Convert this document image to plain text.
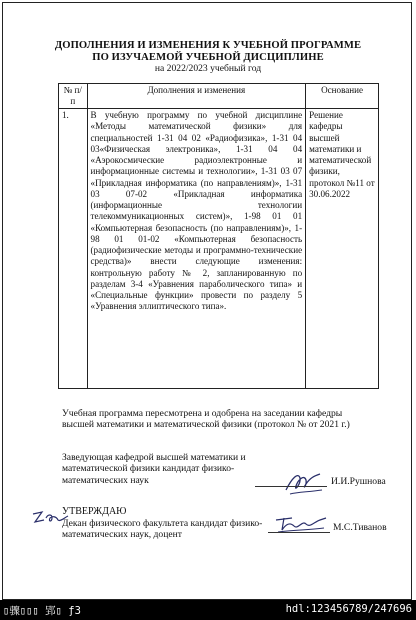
ДОПОЛНЕНИЯ И ИЗМЕНЕНИЯ К УЧЕБНОЙ ПРОГРАММЕ
ПО ИЗУЧАЕМОЙ УЧЕБНОЙ ДИСЦИПЛИНЕ
на 2022/2023 учебный год
№ п/п	Дополнения и изменения	Основание
1.	В учебную программу по учебной дисциплине «Методы математической физики» для специальностей 1-31 04 02 «Радиофизика», 1-31 04 03«Физическая электроника», 1-31 04 04 «Аэрокосмические радиоэлектронные и информационные системы и технологии», 1-31 03 07 «Прикладная информатика (по направлениям)», 1-31 03 07-02 «Прикладная информатика (информационные технологии телекоммуникационных систем)», 1-98 01 01 «Компьютерная безопасность (по направлениям)», 1-98 01 01-02 «Компьютерная безопасность (радиофизические методы и программно-технические средства)» внести следующие изменения: контрольную работу № 2, запланированную по разделам 3-4 «Уравнения параболического типа» и «Специальные функции» провести по разделу 5 «Уравнения эллиптического типа».	Решение кафедры высшей математики и математической физики, протокол №11 от 30.06.2022
Учебная программа пересмотрена и одобрена на заседании кафедры высшей математики и математической физики (протокол № от 2021 г.)
Заведующая кафедрой высшей математики и математической физики кандидат физико-математических наук	И.И.Рушнова
УТВЕРЖДАЮ
Декан физического факультета кандидат физико-математических наук, доцент
М.С.Тиванов
▯骤▯▯▯ 郢▯ ƒ3	hdl:123456789/247696
